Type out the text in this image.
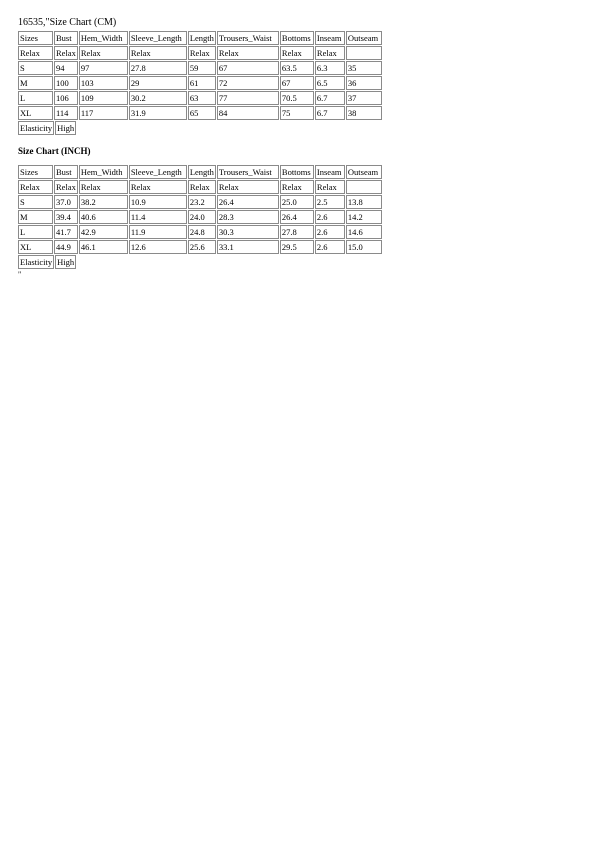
16535,"Size Chart (CM)
Sizes	Bust	Hem_Width	Sleeve_Length	Length	Trousers_Waist	Bottoms	Inseam	Outseam
Relax	Relax	Relax	Relax	Relax	Relax	Relax	Relax	
S	94	97	27.8	59	67	63.5	6.3	35
M	100	103	29	61	72	67	6.5	36
L	106	109	30.2	63	77	70.5	6.7	37
XL	114	117	31.9	65	84	75	6.7	38
Elasticity	High
Size Chart (INCH)
Sizes	Bust	Hem_Width	Sleeve_Length	Length	Trousers_Waist	Bottoms	Inseam	Outseam
Relax	Relax	Relax	Relax	Relax	Relax	Relax	Relax	
S	37.0	38.2	10.9	23.2	26.4	25.0	2.5	13.8
M	39.4	40.6	11.4	24.0	28.3	26.4	2.6	14.2
L	41.7	42.9	11.9	24.8	30.3	27.8	2.6	14.6
XL	44.9	46.1	12.6	25.6	33.1	29.5	2.6	15.0
Elasticity	High
"
